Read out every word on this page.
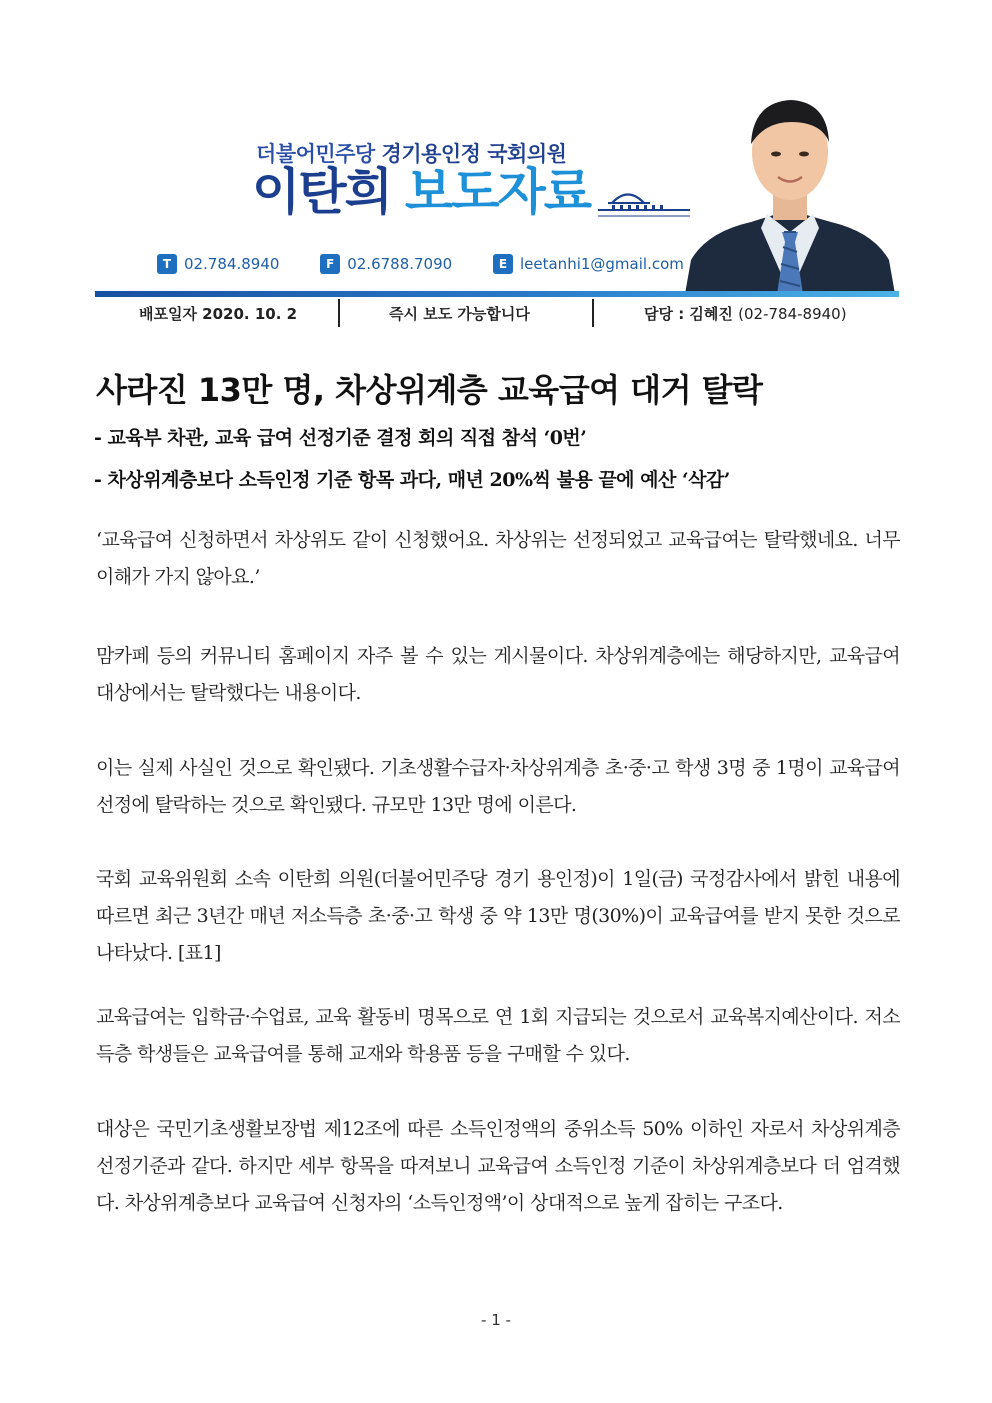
더불어민주당 경기용인정 국회의원
이탄희 보도자료
T 02.784.8940
	F 02.6788.7090
	E leetanhi1@gmail.com
배포일자 2020. 10. 2	즉시 보도 가능합니다	담당 : 김혜진 (02-784-8940)
사라진 13만 명, 차상위계층 교육급여 대거 탈락
- 교육부 차관, 교육 급여 선정기준 결정 회의 직접 참석 ‘0번’
- 차상위계층보다 소득인정 기준 항목 과다, 매년 20%씩 불용 끝에 예산 ‘삭감’

‘교육급여 신청하면서 차상위도 같이 신청했어요. 차상위는 선정되었고 교육급여는 탈락했네요. 너무 이해가 가지 않아요.’

맘카페 등의 커뮤니티 홈페이지 자주 볼 수 있는 게시물이다. 차상위계층에는 해당하지만, 교육급여 대상에서는 탈락했다는 내용이다.

이는 실제 사실인 것으로 확인됐다. 기초생활수급자·차상위계층 초·중·고 학생 3명 중 1명이 교육급여 선정에 탈락하는 것으로 확인됐다. 규모만 13만 명에 이른다.

국회 교육위원회 소속 이탄희 의원(더불어민주당 경기 용인정)이 1일(금) 국정감사에서 밝힌 내용에 따르면 최근 3년간 매년 저소득층 초·중·고 학생 중 약 13만 명(30%)이 교육급여를 받지 못한 것으로 나타났다. [표1]

교육급여는 입학금·수업료, 교육 활동비 명목으로 연 1회 지급되는 것으로서 교육복지예산이다. 저소득층 학생들은 교육급여를 통해 교재와 학용품 등을 구매할 수 있다.

대상은 국민기초생활보장법 제12조에 따른 소득인정액의 중위소득 50% 이하인 자로서 차상위계층 선정기준과 같다. 하지만 세부 항목을 따져보니 교육급여 소득인정 기준이 차상위계층보다 더 엄격했다. 차상위계층보다 교육급여 신청자의 ‘소득인정액’이 상대적으로 높게 잡히는 구조다.

- 1 -
